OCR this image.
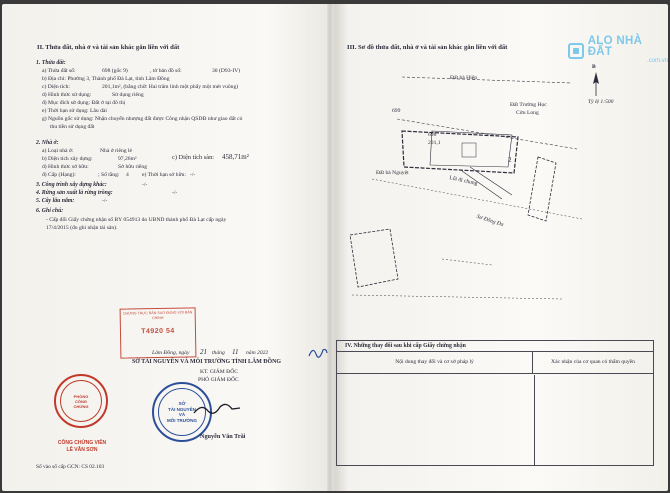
II. Thửa đất, nhà ở và tài sản khác gắn liền với đất
1. Thửa đất:
a) Thửa đất số:	698 (gốc 9)	, tờ bản đồ số:	30 (D93-IV)
b) Địa chỉ: Phường 3, Thành phố Đà Lạt, tỉnh Lâm Đồng
c) Diện tích:	201,1m², (bằng chữ: Hai trăm linh một phẩy một mét vuông)
d) Hình thức sử dụng:	Sử dụng riêng
đ) Mục đích sử dụng: Đất ở tại đô thị
e) Thời hạn sử dụng: Lâu dài
g) Nguồn gốc sử dụng: Nhận chuyển nhượng đất được Công nhận QSDĐ như giao đất có
thu tiền sử dụng đất
2. Nhà ở:
a) Loại nhà ở:	Nhà ở riêng lẻ
b) Diện tích xây dựng:	97,26m²	c) Diện tích sàn: 458,71m²
d) Hình thức sở hữu:	Sở hữu riêng
đ) Cấp (Hạng):	; Số tầng: 4 e) Thời hạn sở hữu: -/-
3. Công trình xây dựng khác:	-/-
4. Rừng sản xuất là rừng trồng:	-/-
5. Cây lâu năm:	-/-
6. Ghi chú:
- Cấp đổi Giấy chứng nhận số BY 054913 do UBND thành phố Đà Lạt cấp ngày
17/4/2015 (đo ghi nhận tài sản).
CHỨNG THỰC BẢN SAO ĐÚNG VỚI BẢN CHÍNH
T4920 54
Lâm Đồng, ngày 21 tháng 11 năm 2022
SỞ TÀI NGUYÊN VÀ MÔI TRƯỜNG TỈNH LÂM ĐỒNG
KT. GIÁM ĐỐC
PHÓ GIÁM ĐỐC
PHÒNG
CÔNG
CHỨNG	SỞ
TÀI NGUYÊN
VÀ
MÔI TRƯỜNG
Nguyễn Văn Trãi
CÔNG CHỨNG VIÊN
LÊ VĂN SƠN
Số vào sổ cấp GCN: CS 02.103
III. Sơ đồ thửa đất, nhà ở và tài sản khác gắn liền với đất
ALO NHÀ ĐẤT
.com.vn
B
Tỷ lệ 1:500
Đất bà Hiệp
Đất Trường Học
Cửu Long
699
698
201,1
2
Đất bà Nguyệt
Lối đi chung
Sư Đồng Đa
IV. Những thay đổi sau khi cấp Giấy chứng nhận
Nội dung thay đổi và cơ sở pháp lý	Xác nhận của cơ quan có thẩm quyền
